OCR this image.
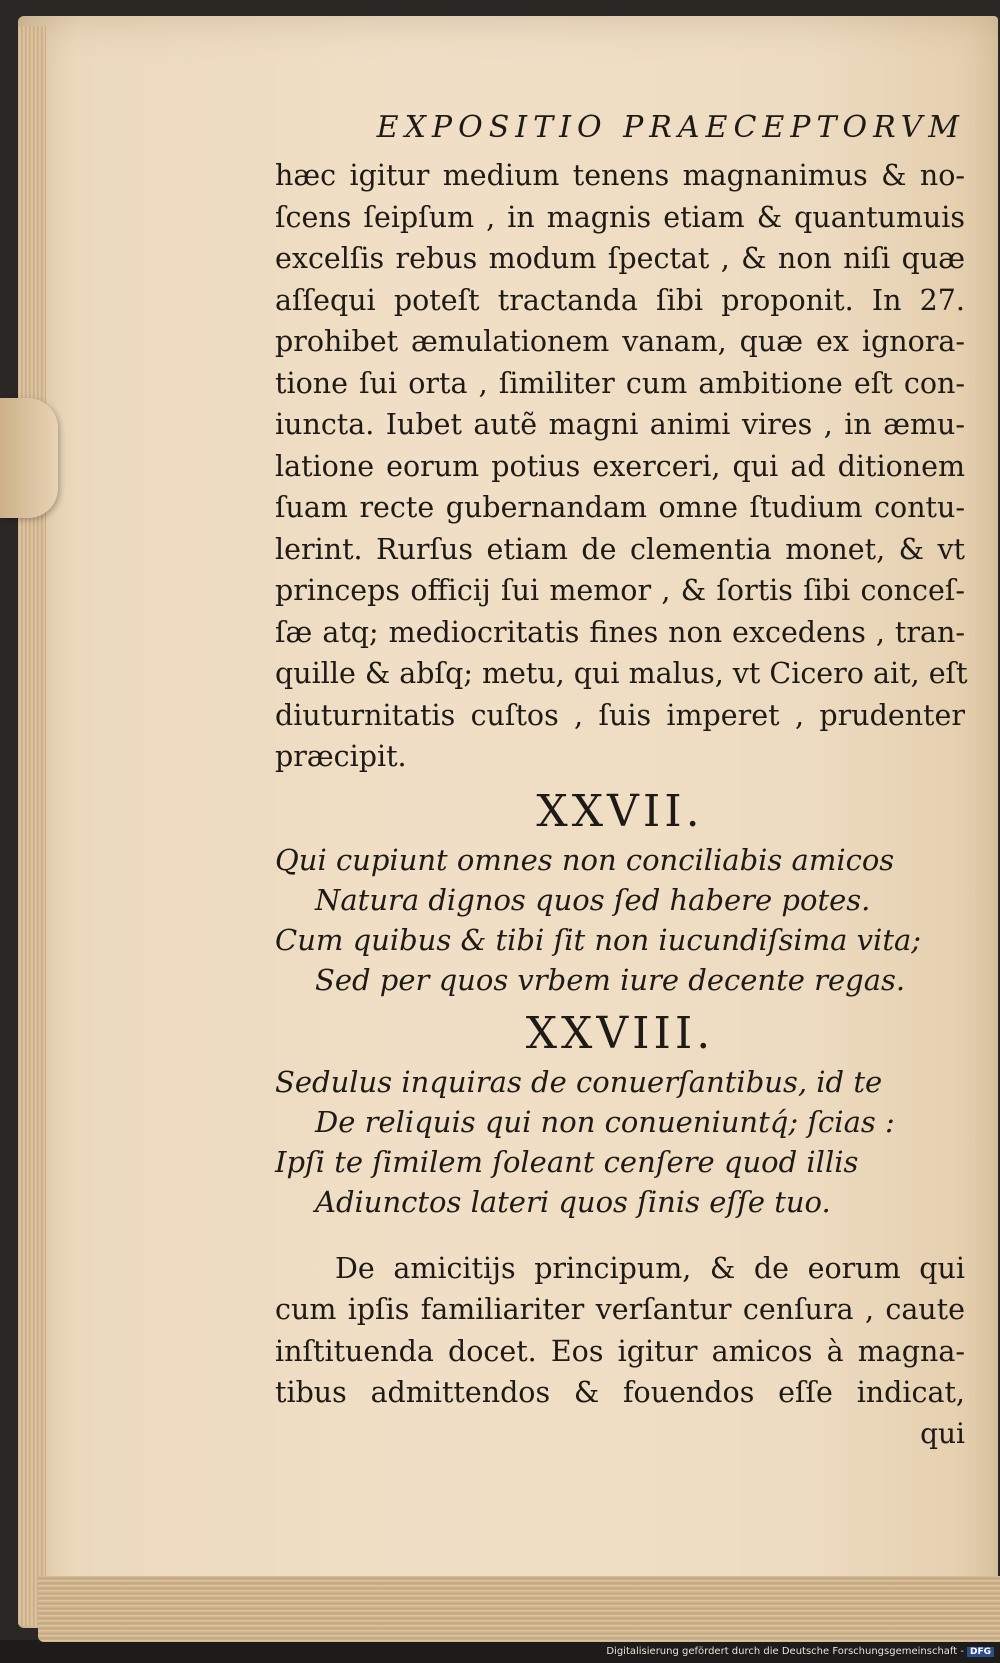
EXPOSITIO PRAECEPTORVM
hæc igitur medium tenens magnanimus & no-
ſcens ſeipſum , in magnis etiam & quantumuis
excelſis rebus modum ſpectat , & non niſi quæ
aſſequi poteſt tractanda ſibi proponit. In 27.
prohibet æmulationem vanam, quæ ex ignora-
tione ſui orta , ſimiliter cum ambitione eſt con-
iuncta. Iubet autẽ magni animi vires , in æmu-
latione eorum potius exerceri, qui ad ditionem
ſuam recte gubernandam omne ſtudium contu-
lerint. Rurſus etiam de clementia monet, & vt
princeps officij ſui memor , & ſortis ſibi conceſ-
ſæ atq; mediocritatis fines non excedens , tran-
quille & abſq; metu, qui malus, vt Cicero ait, eſt
diuturnitatis cuſtos , ſuis imperet , prudenter
præcipit.
XXVII.
Qui cupiunt omnes non conciliabis amicos
Natura dignos quos ſed habere potes.
Cum quibus & tibi ſit non iucundiſsima vita;
Sed per quos vrbem iure decente regas.
XXVIII.
Sedulus inquiras de conuerſantibus, id te
De reliquis qui non conueniuntq́; ſcias :
Ipſi te ſimilem ſoleant cenſere quod illis
Adiunctos lateri quos ſinis eſſe tuo.
De amicitijs principum, & de eorum qui
cum ipſis familiariter verſantur cenſura , caute
inſtituenda docet. Eos igitur amicos à magna-
tibus admittendos & fouendos eſſe indicat,
qui
Digitalisierung gefördert durch die Deutsche Forschungsgemeinschaft - DFG
